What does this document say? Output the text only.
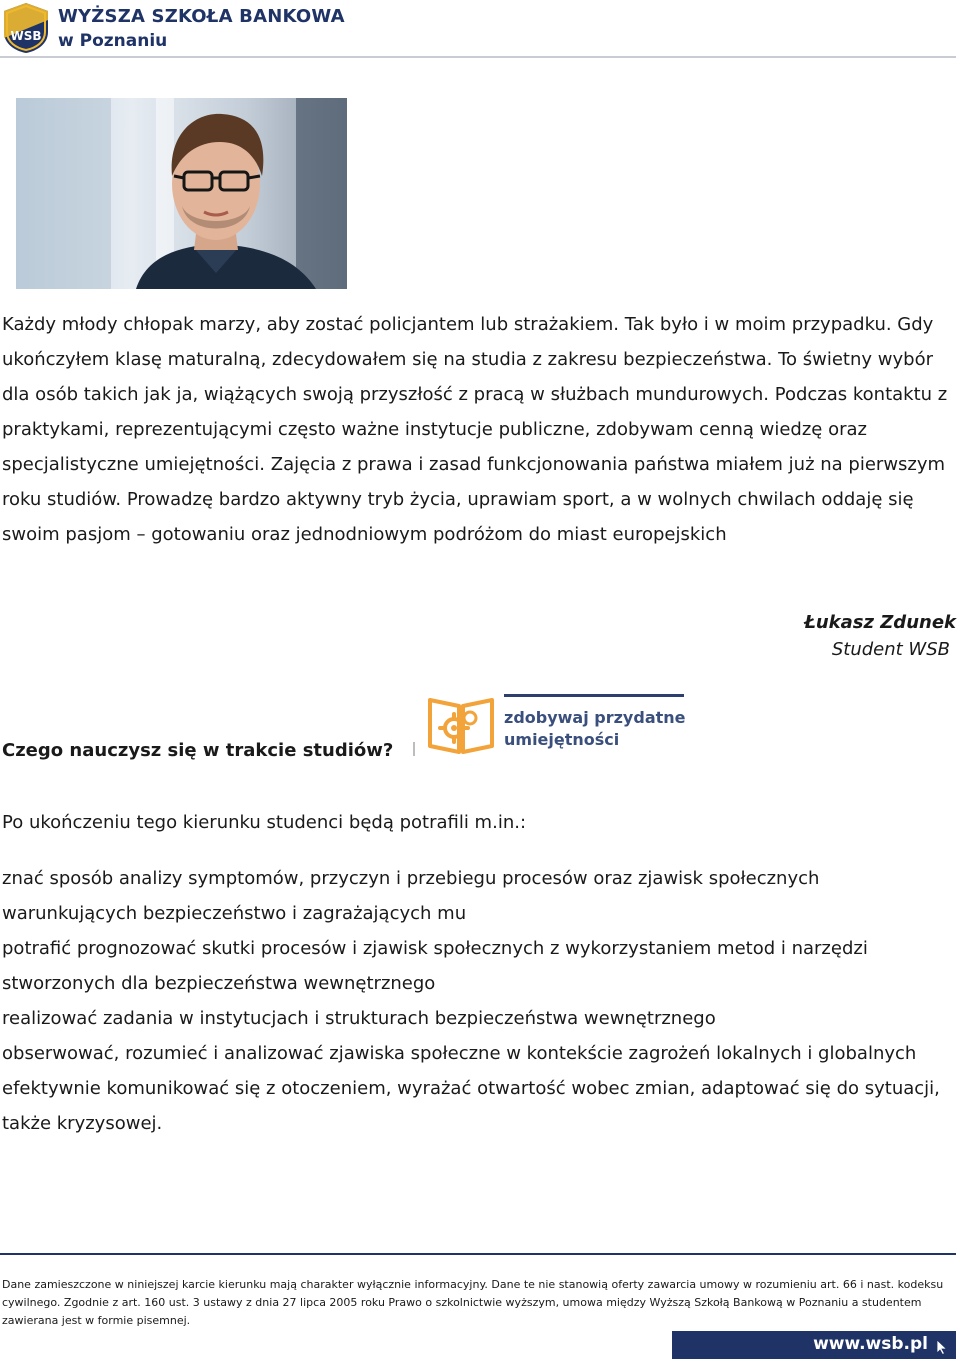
WSB
WYŻSZA SZKOŁA BANKOWA
w Poznaniu

Każdy młody chłopak marzy, aby zostać policjantem lub strażakiem. Tak było i w moim przypadku. Gdy ukończyłem klasę maturalną, zdecydowałem się na studia z zakresu bezpieczeństwa. To świetny wybór dla osób takich jak ja, wiążących swoją przyszłość z pracą w służbach mundurowych. Podczas kontaktu z praktykami, reprezentującymi często ważne instytucje publiczne, zdobywam cenną wiedzę oraz specjalistyczne umiejętności. Zajęcia z prawa i zasad funkcjonowania państwa miałem już na pierwszym roku studiów. Prowadzę bardzo aktywny tryb życia, uprawiam sport, a w wolnych chwilach oddaję się swoim pasjom – gotowaniu oraz jednodniowym podróżom do miast europejskich

Łukasz Zdunek

Student WSB

Czego nauczysz się w trakcie studiów?

zdobywaj przydatne
umiejętności

Po ukończeniu tego kierunku studenci będą potrafili m.in.:

znać sposób analizy symptomów, przyczyn i przebiegu procesów oraz zjawisk społecznych warunkujących bezpieczeństwo i zagrażających mu
potrafić prognozować skutki procesów i zjawisk społecznych z wykorzystaniem metod i narzędzi stworzonych dla bezpieczeństwa wewnętrznego
realizować zadania w instytucjach i strukturach bezpieczeństwa wewnętrznego
obserwować, rozumieć i analizować zjawiska społeczne w kontekście zagrożeń lokalnych i globalnych
efektywnie komunikować się z otoczeniem, wyrażać otwartość wobec zmian, adaptować się do sytuacji, także kryzysowej.

Dane zamieszczone w niniejszej karcie kierunku mają charakter wyłącznie informacyjny. Dane te nie stanowią oferty zawarcia umowy w rozumieniu art. 66 i nast. kodeksu cywilnego. Zgodnie z art. 160 ust. 3 ustawy z dnia 27 lipca 2005 roku Prawo o szkolnictwie wyższym, umowa między Wyższą Szkołą Bankową w Poznaniu a studentem zawierana jest w formie pisemnej.

www.wsb.pl
